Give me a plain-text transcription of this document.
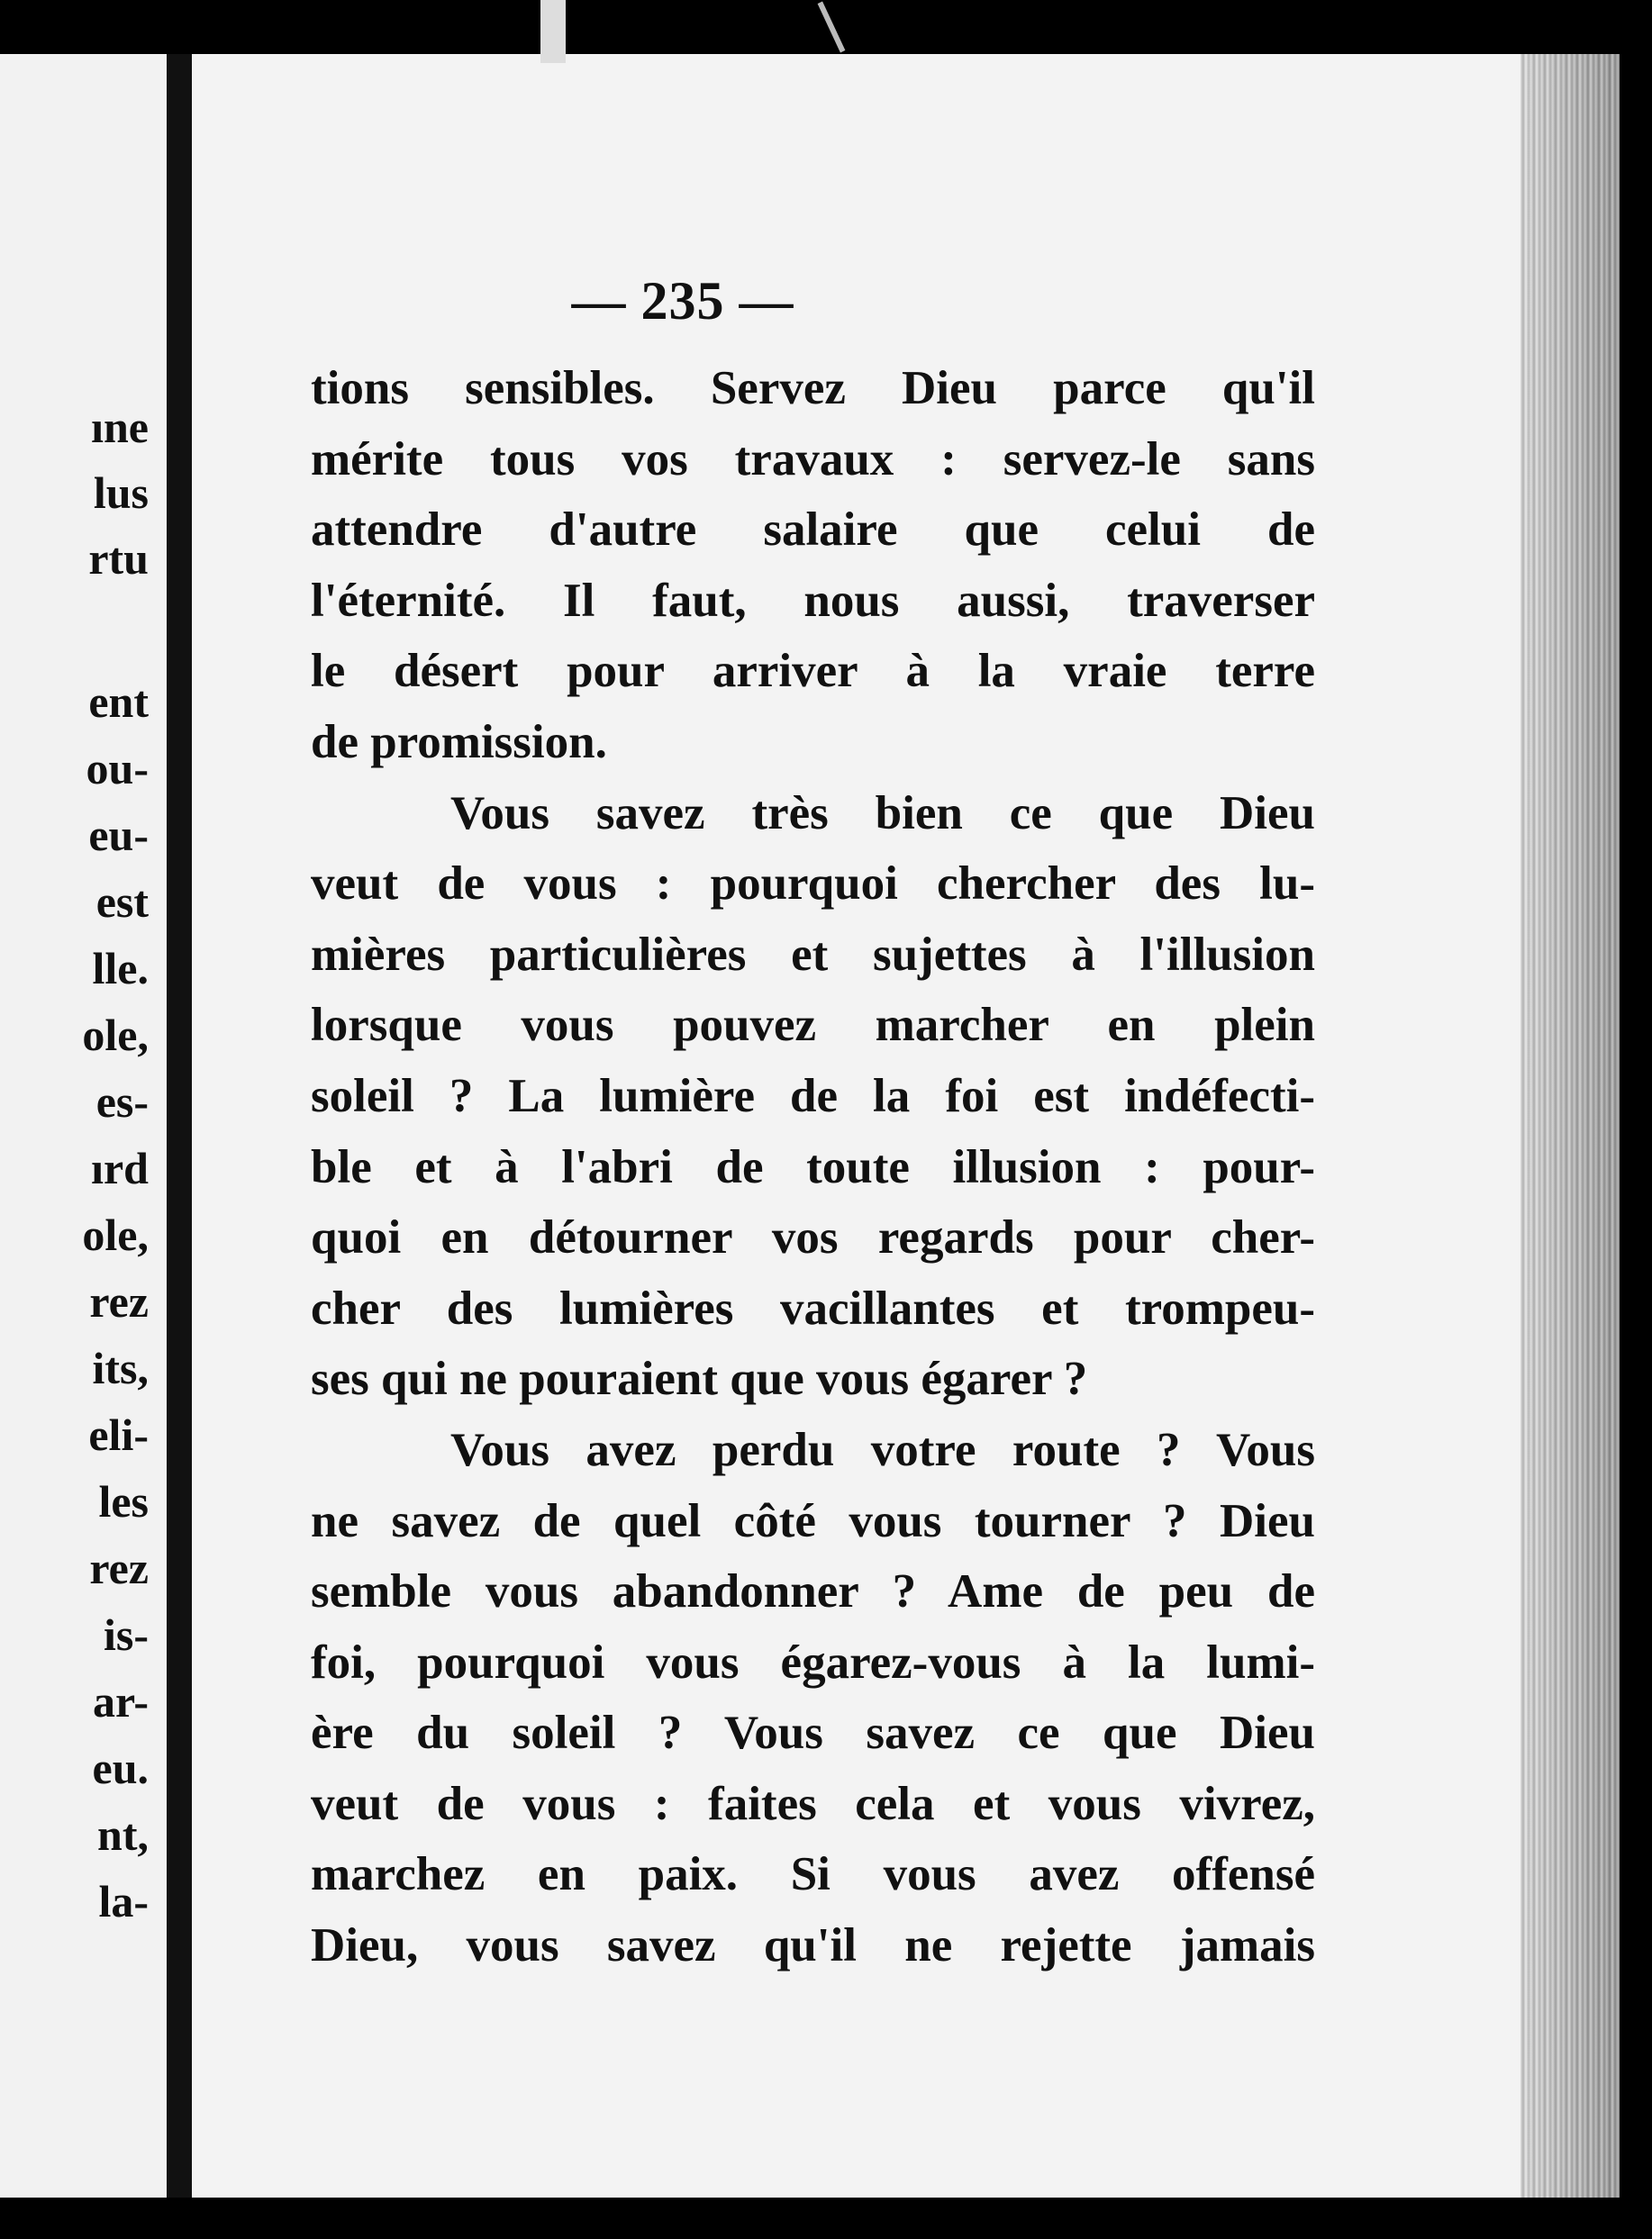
ıne
lus
rtu
ent
ou-
eu-
est
lle.
ole,
es-
ırd
ole,
rez
its,
eli-
les
rez
is-
ar-
eu.
nt,
la-
— 235 —
tions sensibles. Servez Dieu parce qu'il
mérite tous vos travaux : servez-le sans
attendre d'autre salaire que celui de
l'éternité. Il faut, nous aussi, traverser
le désert pour arriver à la vraie terre
de promission.
Vous savez très bien ce que Dieu
veut de vous : pourquoi chercher des lu-
mières particulières et sujettes à l'illusion
lorsque vous pouvez marcher en plein
soleil ? La lumière de la foi est indéfecti-
ble et à l'abri de toute illusion : pour-
quoi en détourner vos regards pour cher-
cher des lumières vacillantes et trompeu-
ses qui ne pouraient que vous égarer ?
Vous avez perdu votre route ? Vous
ne savez de quel côté vous tourner ? Dieu
semble vous abandonner ? Ame de peu de
foi, pourquoi vous égarez-vous à la lumi-
ère du soleil ? Vous savez ce que Dieu
veut de vous : faites cela et vous vivrez,
marchez en paix. Si vous avez offensé
Dieu, vous savez qu'il ne rejette jamais
